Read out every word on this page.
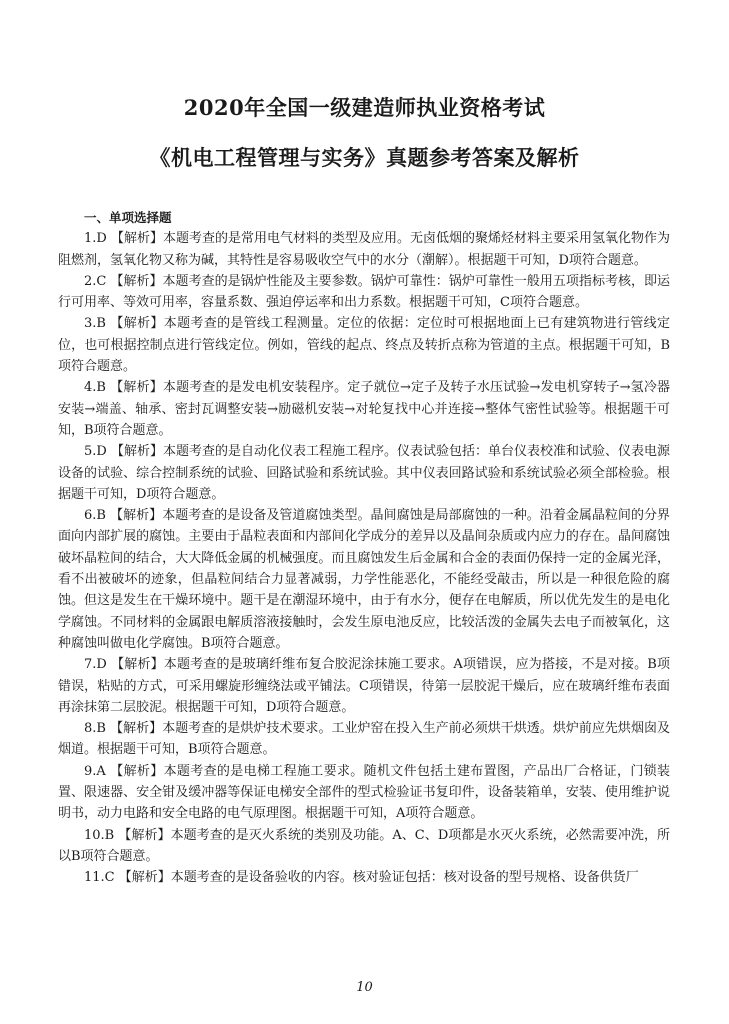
2020年全国一级建造师执业资格考试
《机电工程管理与实务》真题参考答案及解析
一、单项选择题

1.D 【解析】本题考查的是常用电气材料的类型及应用。无卤低烟的聚烯烃材料主要采用氢氧化物作为阻燃剂，氢氧化物又称为碱，其特性是容易吸收空气中的水分（潮解）。根据题干可知，D项符合题意。

2.C 【解析】本题考查的是锅炉性能及主要参数。锅炉可靠性：锅炉可靠性一般用五项指标考核，即运行可用率、等效可用率，容量系数、强迫停运率和出力系数。根据题干可知，C项符合题意。

3.B 【解析】本题考查的是管线工程测量。定位的依据：定位时可根据地面上已有建筑物进行管线定位，也可根据控制点进行管线定位。例如，管线的起点、终点及转折点称为管道的主点。根据题干可知，B项符合题意。

4.B 【解析】本题考查的是发电机安装程序。定子就位→定子及转子水压试验→发电机穿转子→氢冷器安装→端盖、轴承、密封瓦调整安装→励磁机安装→对轮复找中心并连接→整体气密性试验等。根据题干可知，B项符合题意。

5.D 【解析】本题考查的是自动化仪表工程施工程序。仪表试验包括：单台仪表校准和试验、仪表电源设备的试验、综合控制系统的试验、回路试验和系统试验。其中仪表回路试验和系统试验必须全部检验。根据题干可知，D项符合题意。

6.B 【解析】本题考查的是设备及管道腐蚀类型。晶间腐蚀是局部腐蚀的一种。沿着金属晶粒间的分界面向内部扩展的腐蚀。主要由于晶粒表面和内部间化学成分的差异以及晶间杂质或内应力的存在。晶间腐蚀破坏晶粒间的结合，大大降低金属的机械强度。而且腐蚀发生后金属和合金的表面仍保持一定的金属光泽，看不出被破坏的迹象，但晶粒间结合力显著减弱，力学性能恶化，不能经受敲击，所以是一种很危险的腐蚀。但这是发生在干燥环境中。题干是在潮湿环境中，由于有水分，便存在电解质，所以优先发生的是电化学腐蚀。不同材料的金属跟电解质溶液接触时，会发生原电池反应，比较活泼的金属失去电子而被氧化，这种腐蚀叫做电化学腐蚀。B项符合题意。

7.D 【解析】本题考查的是玻璃纤维布复合胶泥涂抹施工要求。A项错误，应为搭接，不是对接。B项错误，粘贴的方式，可采用螺旋形缠绕法或平铺法。C项错误，待第一层胶泥干燥后，应在玻璃纤维布表面再涂抹第二层胶泥。根据题干可知，D项符合题意。

8.B 【解析】本题考查的是烘炉技术要求。工业炉窑在投入生产前必须烘干烘透。烘炉前应先烘烟囱及烟道。根据题干可知，B项符合题意。

9.A 【解析】本题考查的是电梯工程施工要求。随机文件包括土建布置图，产品出厂合格证，门锁装置、限速器、安全钳及缓冲器等保证电梯安全部件的型式检验证书复印件，设备装箱单，安装、使用维护说明书，动力电路和安全电路的电气原理图。根据题干可知，A项符合题意。

10.B 【解析】本题考查的是灭火系统的类别及功能。A、C、D项都是水灭火系统，必然需要冲洗，所以B项符合题意。

11.C 【解析】本题考查的是设备验收的内容。核对验证包括：核对设备的型号规格、设备供货厂

10
